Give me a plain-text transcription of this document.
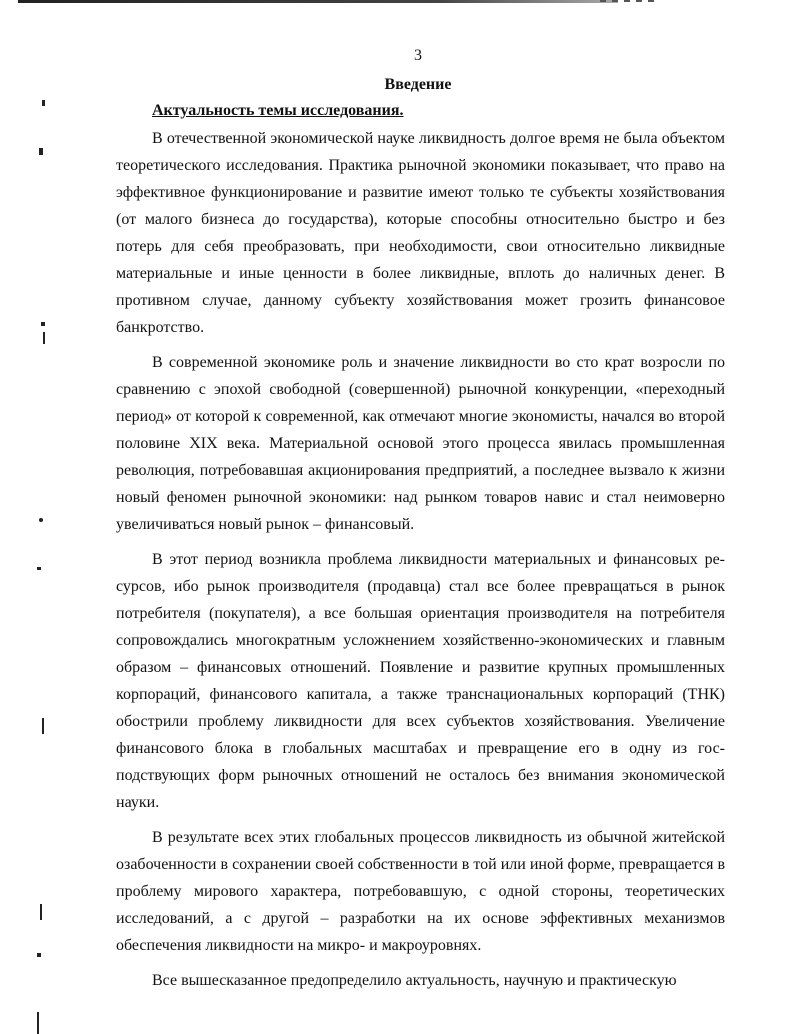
3
Введение
Актуальность темы исследования.

В отечественной экономической науке ликвидность долгое время не была объектом теоретического исследования. Практика рыночной экономики показывает, что право на эффективное функционирование и развитие имеют только те субъекты хозяйствования (от малого бизнеса до государства), которые способны относительно быстро и без потерь для себя преобразовать, при необходимости, свои относительно ликвидные материальные и иные ценности в более ликвидные, вплоть до наличных денег. В противном случае, данному субъекту хозяйствования может грозить финансовое банкротство.

В современной экономике роль и значение ликвидности во сто крат возросли по сравнению с эпохой свободной (совершенной) рыночной конкуренции, «переходный период» от которой к современной, как отмечают многие экономисты, начался во второй половине XIX века. Материальной основой этого процесса явилась промышленная революция, потребовавшая акционирования предприятий, а последнее вызвало к жизни новый феномен рыночной экономики: над рынком товаров навис и стал неимоверно увеличиваться новый рынок – финансовый.

В этот период возникла проблема ликвидности материальных и финансовых ресурсов, ибо рынок производителя (продавца) стал все более превращаться в рынок потребителя (покупателя), а все большая ориентация производителя на потребителя сопровождались многократным усложнением хозяйственно-экономических и главным образом – финансовых отношений. Появление и развитие крупных промышленных корпораций, финансового капитала, а также транснациональных корпораций (ТНК) обострили проблему ликвидности для всех субъектов хозяйствования. Увеличение финансового блока в глобальных масштабах и превращение его в одну из господствующих форм рыночных отношений не осталось без внимания экономической науки.

В результате всех этих глобальных процессов ликвидность из обычной житейской озабоченности в сохранении своей собственности в той или иной форме, превращается в проблему мирового характера, потребовавшую, с одной стороны, теоретических исследований, а с другой – разработки на их основе эффективных механизмов обеспечения ликвидности на микро- и макроуровнях.

Все вышесказанное предопределило актуальность, научную и практическую
